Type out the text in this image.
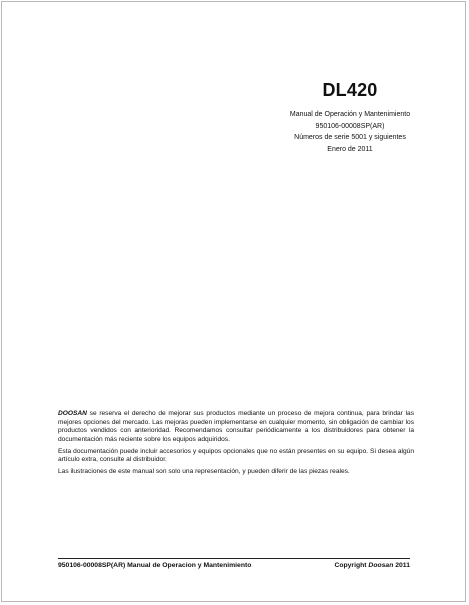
DL420
Manual de Operación y Mantenimiento
950106-00008SP(AR)
Números de serie 5001 y siguientes
Enero de 2011

DOOSAN se reserva el derecho de mejorar sus productos mediante un proceso de mejora continua, para brindar las mejores opciones del mercado. Las mejoras pueden implementarse en cualquier momento, sin obligación de cambiar los productos vendidos con anterioridad. Recomendamos consultar periódicamente a los distribuidores para obtener la documentación más reciente sobre los equipos adquiridos.

Esta documentación puede incluir accesorios y equipos opcionales que no están presentes en su equipo. Si desea algún artículo extra, consulte al distribuidor.

Las ilustraciones de este manual son solo una representación, y pueden diferir de las piezas reales.

950106-00008SP(AR) Manual de Operacion y Mantenimiento	Copyright Doosan 2011
